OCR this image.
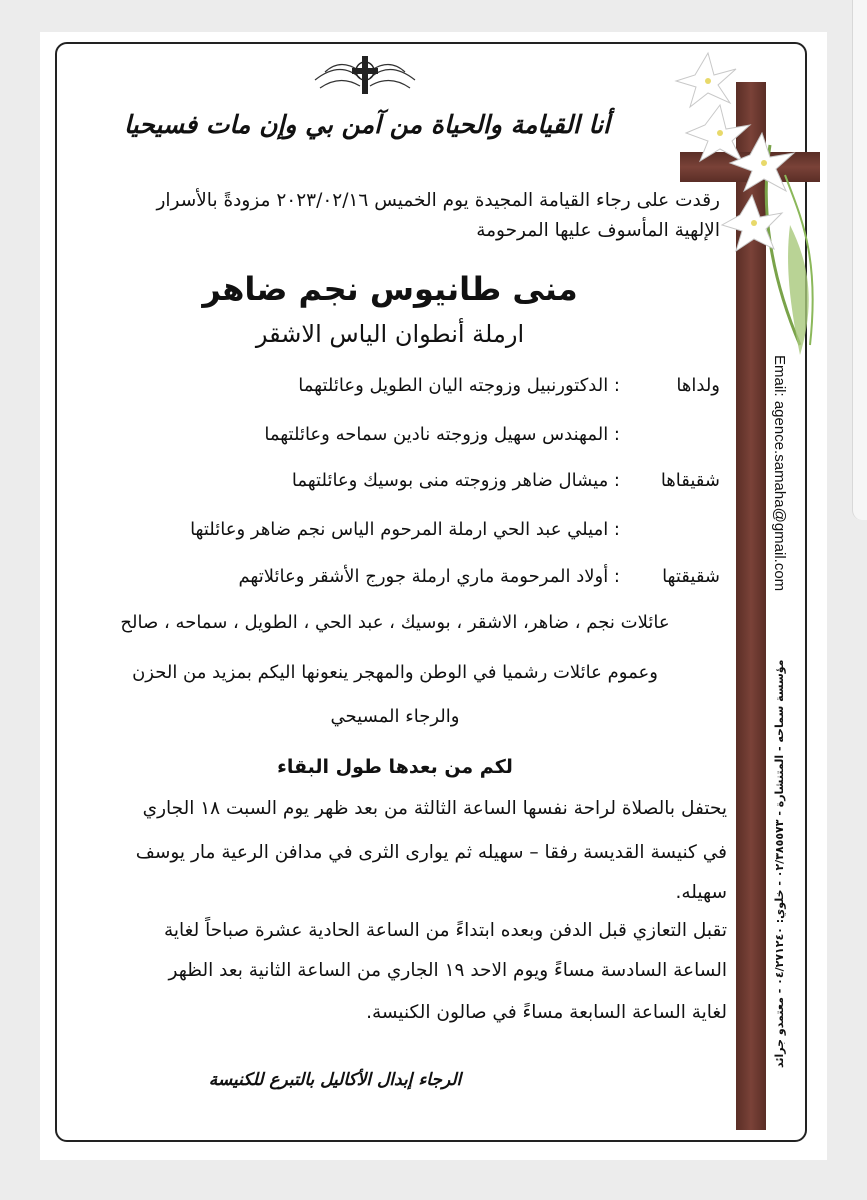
أنا القيامة والحياة من آمن بي وإن مات فسيحيا
رقدت على رجاء القيامة المجيدة يوم الخميس ٢٠٢٣/٠٢/١٦ مزودةً بالأسرار
الإلهية المأسوف عليها المرحومة
منى طانيوس نجم ضاهر
ارملة أنطوان الياس الاشقر
ولداها
: الدكتورنبيل وزوجته اليان الطويل وعائلتهما
: المهندس سهيل وزوجته نادين سماحه وعائلتهما
شقيقاها
: ميشال ضاهر وزوجته منى بوسيك وعائلتهما
: اميلي عبد الحي ارملة المرحوم الياس نجم ضاهر وعائلتها
شقيقتها
: أولاد المرحومة ماري ارملة جورج الأشقر وعائلاتهم
عائلات نجم ، ضاهر، الاشقر ، بوسيك ، عبد الحي ، الطويل ، سماحه ، صالح
وعموم عائلات رشميا في الوطن والمهجر ينعونها اليكم بمزيد من الحزن
والرجاء المسيحي
لكم من بعدها طول البقاء
يحتفل بالصلاة لراحة نفسها الساعة الثالثة من بعد ظهر يوم السبت ١٨ الجاري
في كنيسة القديسة رفقا – سهيله ثم يوارى الثرى في مدافن الرعية مار يوسف
سهيله.
تقبل التعازي قبل الدفن وبعده ابتداءً من الساعة الحادية عشرة صباحاً لغاية
الساعة السادسة مساءً ويوم الاحد ١٩ الجاري من الساعة الثانية بعد الظهر
لغاية الساعة السابعة مساءً في صالون الكنيسة.
الرجاء إبدال الأكاليل بالتبرع للكنيسة
Email: agence.samaha@gmail.com
مؤسسة سماحه - المتنشارة - ٠٢/٣٨٥٥٧٣ - خلوي: ٠٤/٢٧١٢٤٠ - معتمدو جرائد
